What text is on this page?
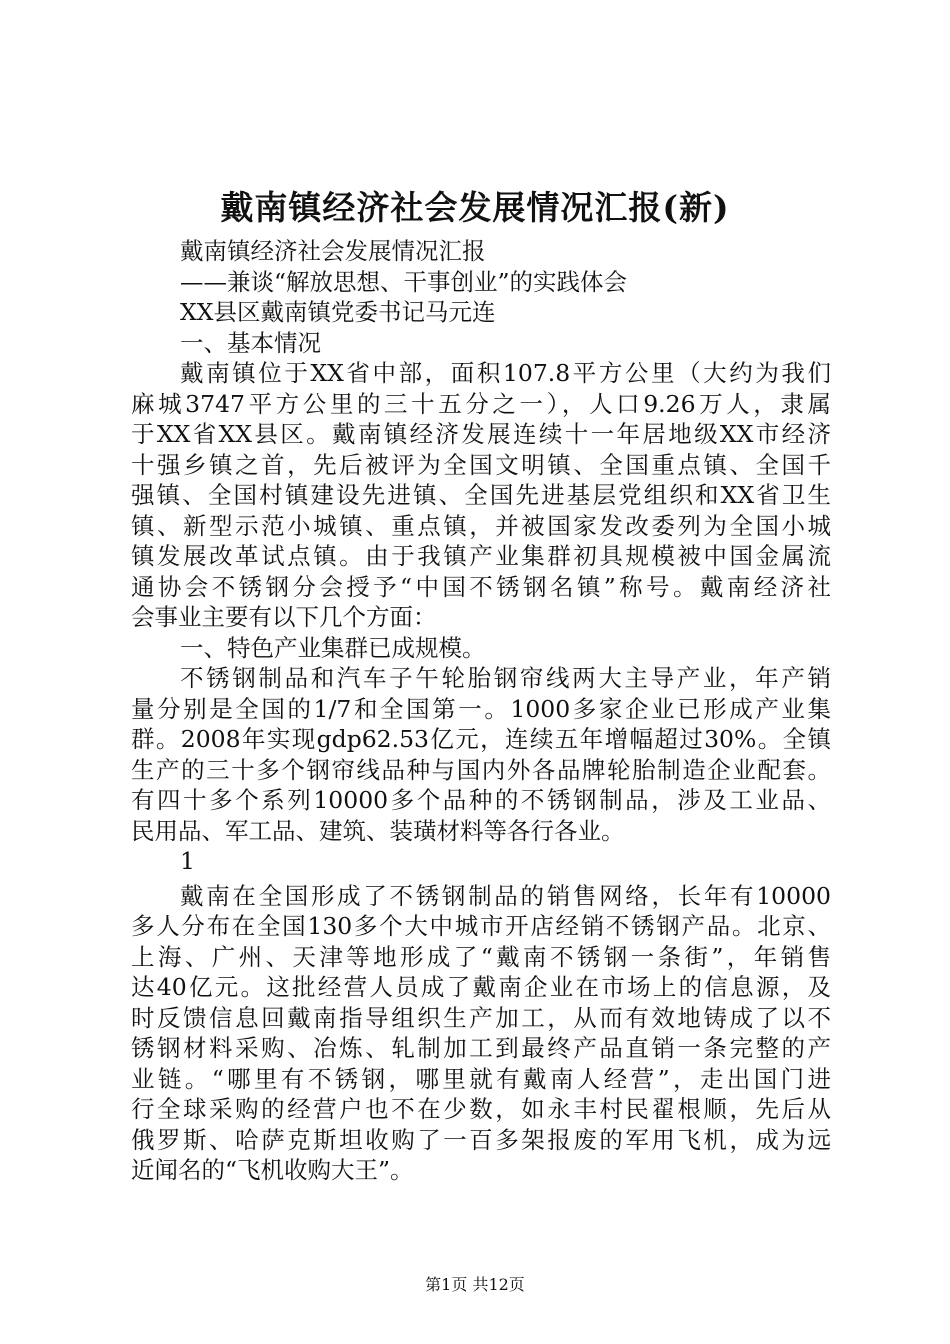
戴南镇经济社会发展情况汇报(新)
戴南镇经济社会发展情况汇报
——兼谈“解放思想、干事创业”的实践体会
XX县区戴南镇党委书记马元连
一、基本情况
戴南镇位于XX省中部，面积107.8平方公里（大约为我们
麻城3747平方公里的三十五分之一），人口9.26万人，隶属
于XX省XX县区。戴南镇经济发展连续十一年居地级XX市经济
十强乡镇之首，先后被评为全国文明镇、全国重点镇、全国千
强镇、全国村镇建设先进镇、全国先进基层党组织和XX省卫生
镇、新型示范小城镇、重点镇，并被国家发改委列为全国小城
镇发展改革试点镇。由于我镇产业集群初具规模被中国金属流
通协会不锈钢分会授予“中国不锈钢名镇”称号。戴南经济社
会事业主要有以下几个方面：
一、特色产业集群已成规模。
不锈钢制品和汽车子午轮胎钢帘线两大主导产业，年产销
量分别是全国的1/7和全国第一。1000多家企业已形成产业集
群。2008年实现gdp62.53亿元，连续五年增幅超过30%。全镇
生产的三十多个钢帘线品种与国内外各品牌轮胎制造企业配套。
有四十多个系列10000多个品种的不锈钢制品，涉及工业品、
民用品、军工品、建筑、装璜材料等各行各业。
1
戴南在全国形成了不锈钢制品的销售网络，长年有10000
多人分布在全国130多个大中城市开店经销不锈钢产品。北京、
上海、广州、天津等地形成了“戴南不锈钢一条街”，年销售
达40亿元。这批经营人员成了戴南企业在市场上的信息源，及
时反馈信息回戴南指导组织生产加工，从而有效地铸成了以不
锈钢材料采购、冶炼、轧制加工到最终产品直销一条完整的产
业链。“哪里有不锈钢，哪里就有戴南人经营”，走出国门进
行全球采购的经营户也不在少数，如永丰村民翟根顺，先后从
俄罗斯、哈萨克斯坦收购了一百多架报废的军用飞机，成为远
近闻名的“飞机收购大王”。
第1页 共12页
